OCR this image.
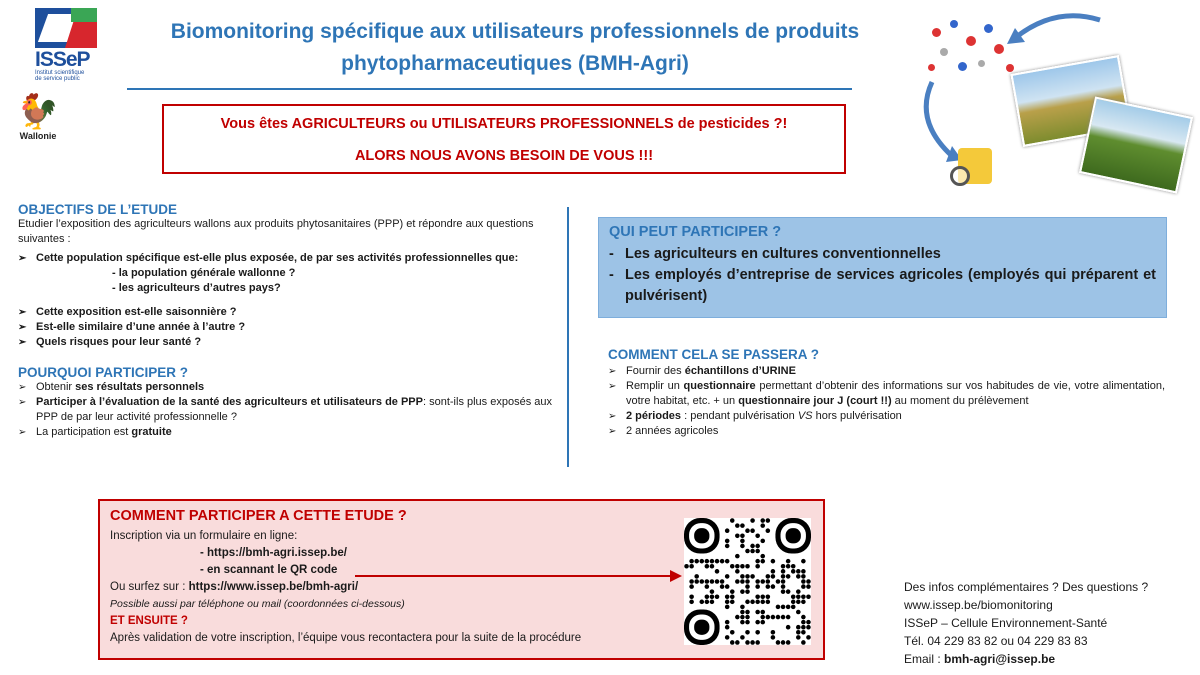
ISSeP
Institut scientifique
de service public
🐓
Wallonie
Biomonitoring spécifique aux utilisateurs professionnels de produits
phytopharmaceutiques (BMH-Agri)
Vous êtes AGRICULTEURS ou UTILISATEURS PROFESSIONNELS de pesticides ?!
ALORS NOUS AVONS BESOIN DE VOUS !!!
OBJECTIFS DE L’ETUDE
Etudier l’exposition des agriculteurs wallons aux produits phytosanitaires (PPP) et répondre aux questions suivantes :
➢ Cette population spécifique est-elle plus exposée, de par ses activités professionnelles que:
- la population générale wallonne ?
- les agriculteurs d’autres pays?
➢ Cette exposition est-elle saisonnière ?
➢ Est-elle similaire d’une année à l’autre ?
➢ Quels risques pour leur santé ?
POURQUOI PARTICIPER ?
➢ Obtenir ses résultats personnels
➢ Participer à l’évaluation de la santé des agriculteurs et utilisateurs de PPP: sont-ils plus exposés aux PPP de par leur activité professionnelle ?
➢ La participation est gratuite
QUI PEUT PARTICIPER ?
- Les agriculteurs en cultures conventionnelles
- Les employés d’entreprise de services agricoles (employés qui préparent et pulvérisent)
COMMENT CELA SE PASSERA ?
➢ Fournir des échantillons d’URINE
➢ Remplir un questionnaire permettant d’obtenir des informations sur vos habitudes de vie, votre alimentation, votre habitat, etc. + un questionnaire jour J (court !!) au moment du prélèvement
➢ 2 périodes : pendant pulvérisation VS hors pulvérisation
➢ 2 années agricoles
COMMENT PARTICIPER A CETTE ETUDE ?
Inscription via un formulaire en ligne:
- https://bmh-agri.issep.be/
- en scannant le QR code
Ou surfez sur : https://www.issep.be/bmh-agri/
Possible aussi par téléphone ou mail (coordonnées ci-dessous)
ET ENSUITE ?
Après validation de votre inscription, l’équipe vous recontactera pour la suite de la procédure
Des infos complémentaires ? Des questions ?
www.issep.be/biomonitoring
ISSeP – Cellule Environnement-Santé
Tél. 04 229 83 82 ou 04 229 83 83
Email : bmh-agri@issep.be
